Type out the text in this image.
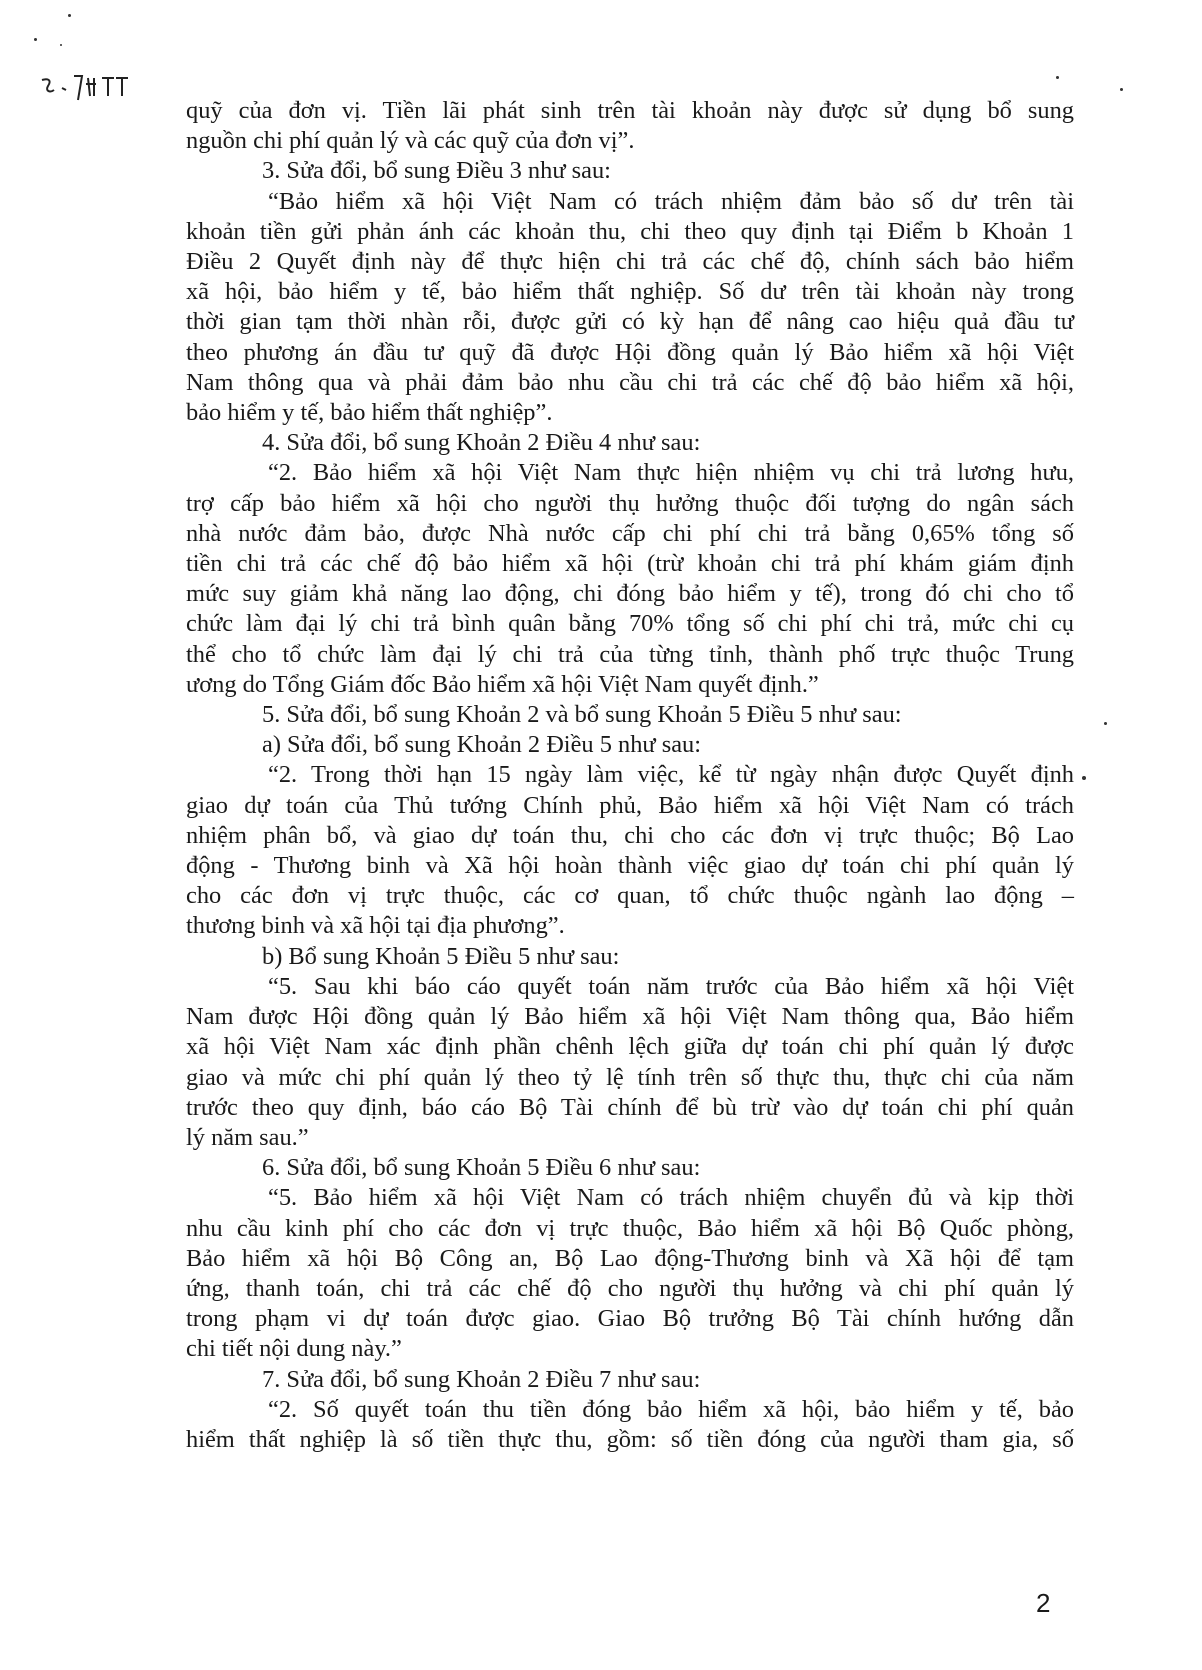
quỹ của đơn vị. Tiền lãi phát sinh trên tài khoản này được sử dụng bổ sung
nguồn chi phí quản lý và các quỹ của đơn vị”.
3. Sửa đổi, bổ sung Điều 3 như sau:
“Bảo hiểm xã hội Việt Nam có trách nhiệm đảm bảo số dư trên tài
khoản tiền gửi phản ánh các khoản thu, chi theo quy định tại Điểm b Khoản 1
Điều 2 Quyết định này để thực hiện chi trả các chế độ, chính sách bảo hiểm
xã hội, bảo hiểm y tế, bảo hiểm thất nghiệp. Số dư trên tài khoản này trong
thời gian tạm thời nhàn rỗi, được gửi có kỳ hạn để nâng cao hiệu quả đầu tư
theo phương án đầu tư quỹ đã được Hội đồng quản lý Bảo hiểm xã hội Việt
Nam thông qua và phải đảm bảo nhu cầu chi trả các chế độ bảo hiểm xã hội,
bảo hiểm y tế, bảo hiểm thất nghiệp”.
4. Sửa đổi, bổ sung Khoản 2 Điều 4 như sau:
“2. Bảo hiểm xã hội Việt Nam thực hiện nhiệm vụ chi trả lương hưu,
trợ cấp bảo hiểm xã hội cho người thụ hưởng thuộc đối tượng do ngân sách
nhà nước đảm bảo, được Nhà nước cấp chi phí chi trả bằng 0,65% tổng số
tiền chi trả các chế độ bảo hiểm xã hội (trừ khoản chi trả phí khám giám định
mức suy giảm khả năng lao động, chi đóng bảo hiểm y tế), trong đó chi cho tổ
chức làm đại lý chi trả bình quân bằng 70% tổng số chi phí chi trả, mức chi cụ
thể cho tổ chức làm đại lý chi trả của từng tỉnh, thành phố trực thuộc Trung
ương do Tổng Giám đốc Bảo hiểm xã hội Việt Nam quyết định.”
5. Sửa đổi, bổ sung Khoản 2 và bổ sung Khoản 5 Điều 5 như sau:
a) Sửa đổi, bổ sung Khoản 2 Điều 5 như sau:
“2. Trong thời hạn 15 ngày làm việc, kể từ ngày nhận được Quyết định
giao dự toán của Thủ tướng Chính phủ, Bảo hiểm xã hội Việt Nam có trách
nhiệm phân bổ, và giao dự toán thu, chi cho các đơn vị trực thuộc; Bộ Lao
động - Thương binh và Xã hội hoàn thành việc giao dự toán chi phí quản lý
cho các đơn vị trực thuộc, các cơ quan, tổ chức thuộc ngành lao động –
thương binh và xã hội tại địa phương”.
b) Bổ sung Khoản 5 Điều 5 như sau:
“5. Sau khi báo cáo quyết toán năm trước của Bảo hiểm xã hội Việt
Nam được Hội đồng quản lý Bảo hiểm xã hội Việt Nam thông qua, Bảo hiểm
xã hội Việt Nam xác định phần chênh lệch giữa dự toán chi phí quản lý được
giao và mức chi phí quản lý theo tỷ lệ tính trên số thực thu, thực chi của năm
trước theo quy định, báo cáo Bộ Tài chính để bù trừ vào dự toán chi phí quản
lý năm sau.”
6. Sửa đổi, bổ sung Khoản 5 Điều 6 như sau:
“5. Bảo hiểm xã hội Việt Nam có trách nhiệm chuyển đủ và kịp thời
nhu cầu kinh phí cho các đơn vị trực thuộc, Bảo hiểm xã hội Bộ Quốc phòng,
Bảo hiểm xã hội Bộ Công an, Bộ Lao động-Thương binh và Xã hội để tạm
ứng, thanh toán, chi trả các chế độ cho người thụ hưởng và chi phí quản lý
trong phạm vi dự toán được giao. Giao Bộ trưởng Bộ Tài chính hướng dẫn
chi tiết nội dung này.”
7. Sửa đổi, bổ sung Khoản 2 Điều 7 như sau:
“2. Số quyết toán thu tiền đóng bảo hiểm xã hội, bảo hiểm y tế, bảo
hiểm thất nghiệp là số tiền thực thu, gồm: số tiền đóng của người tham gia, số
2
